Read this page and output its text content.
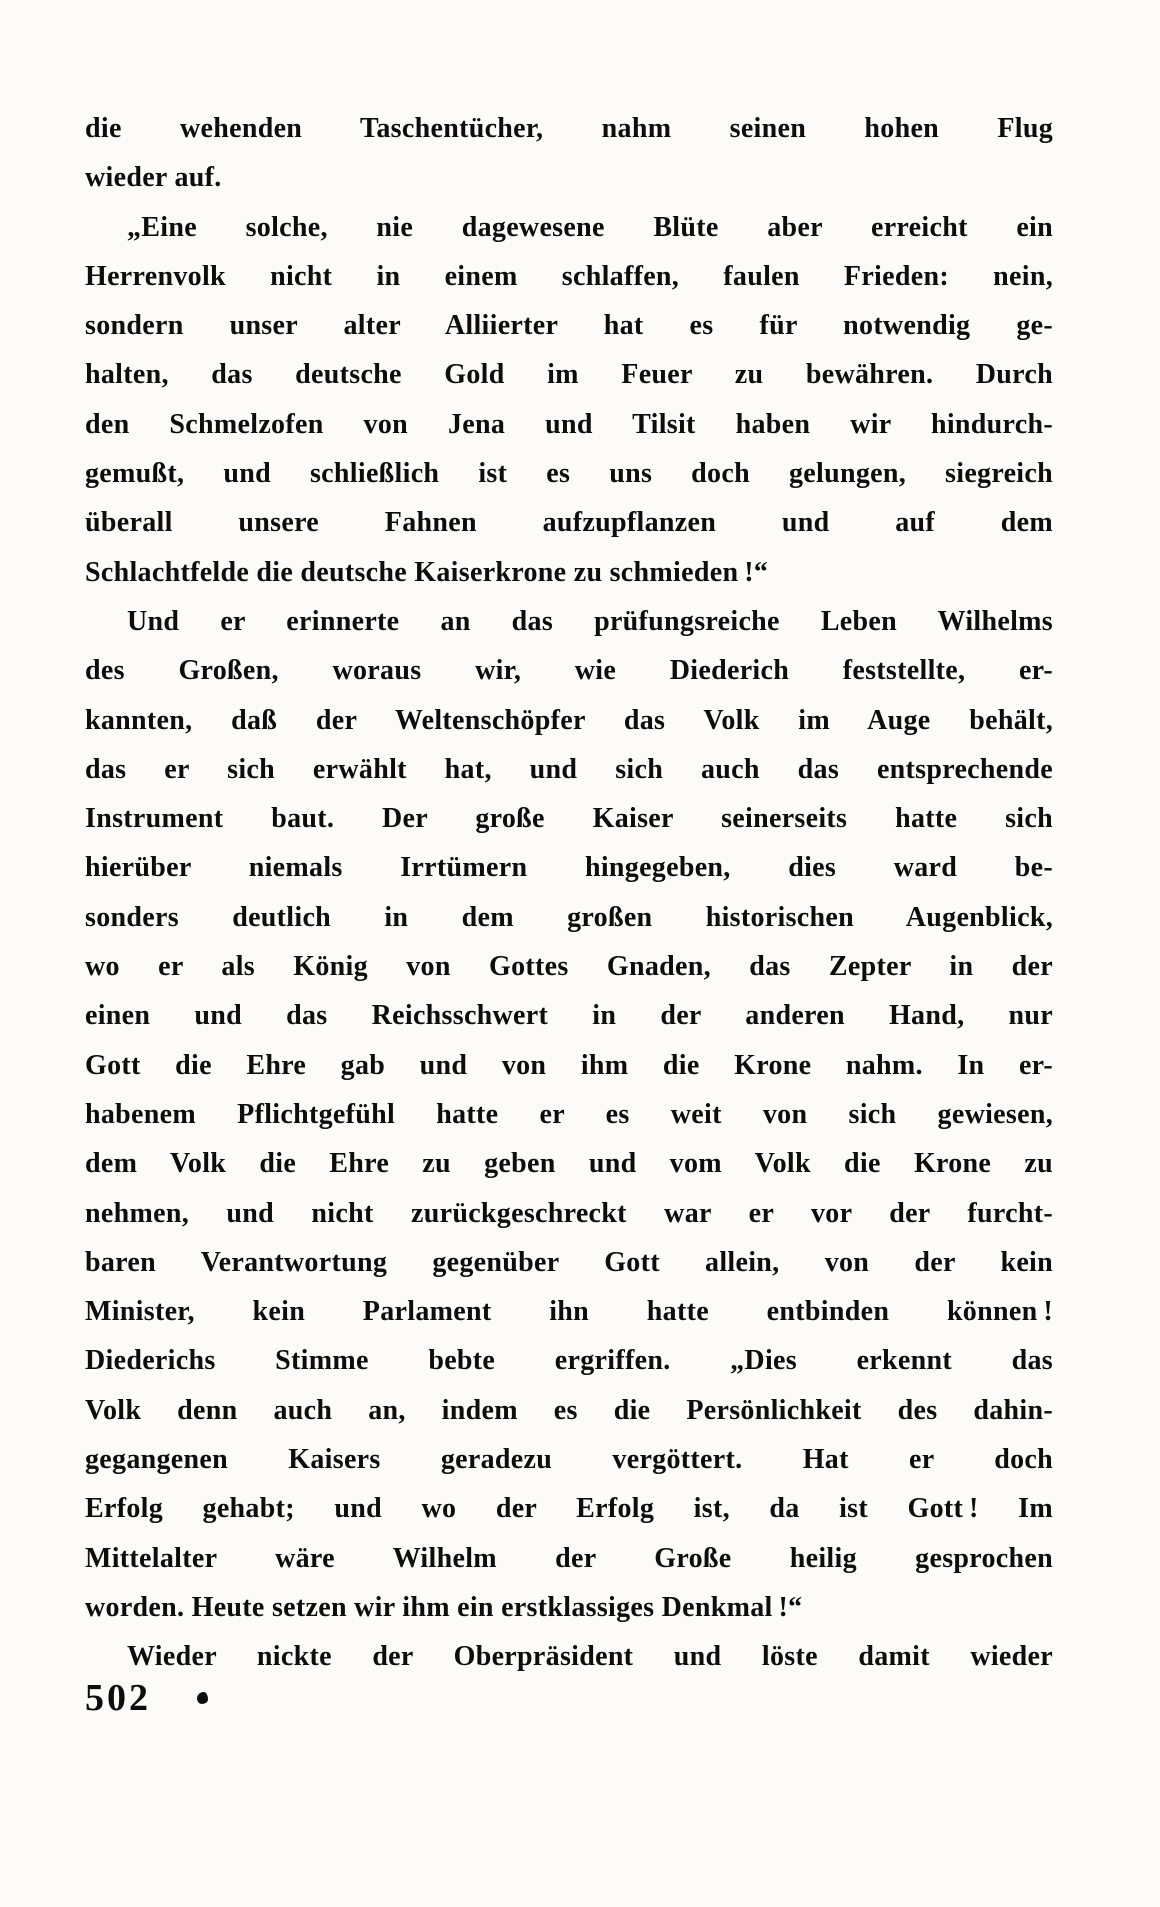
die wehenden Taschentücher, nahm seinen hohen Flug
wieder auf.
„Eine solche, nie dagewesene Blüte aber erreicht ein
Herrenvolk nicht in einem schlaffen, faulen Frieden: nein,
sondern unser alter Alliierter hat es für notwendig ge-
halten, das deutsche Gold im Feuer zu bewähren. Durch
den Schmelzofen von Jena und Tilsit haben wir hindurch-
gemußt, und schließlich ist es uns doch gelungen, siegreich
überall unsere Fahnen aufzupflanzen und auf dem
Schlachtfelde die deutsche Kaiserkrone zu schmieden !“
Und er erinnerte an das prüfungsreiche Leben Wilhelms
des Großen, woraus wir, wie Diederich feststellte, er-
kannten, daß der Weltenschöpfer das Volk im Auge behält,
das er sich erwählt hat, und sich auch das entsprechende
Instrument baut. Der große Kaiser seinerseits hatte sich
hierüber niemals Irrtümern hingegeben, dies ward be-
sonders deutlich in dem großen historischen Augenblick,
wo er als König von Gottes Gnaden, das Zepter in der
einen und das Reichsschwert in der anderen Hand, nur
Gott die Ehre gab und von ihm die Krone nahm. In er-
habenem Pflichtgefühl hatte er es weit von sich gewiesen,
dem Volk die Ehre zu geben und vom Volk die Krone zu
nehmen, und nicht zurückgeschreckt war er vor der furcht-
baren Verantwortung gegenüber Gott allein, von der kein
Minister, kein Parlament ihn hatte entbinden können !
Diederichs Stimme bebte ergriffen. „Dies erkennt das
Volk denn auch an, indem es die Persönlichkeit des dahin-
gegangenen Kaisers geradezu vergöttert. Hat er doch
Erfolg gehabt; und wo der Erfolg ist, da ist Gott ! Im
Mittelalter wäre Wilhelm der Große heilig gesprochen
worden. Heute setzen wir ihm ein erstklassiges Denkmal !“
Wieder nickte der Oberpräsident und löste damit wieder
502
